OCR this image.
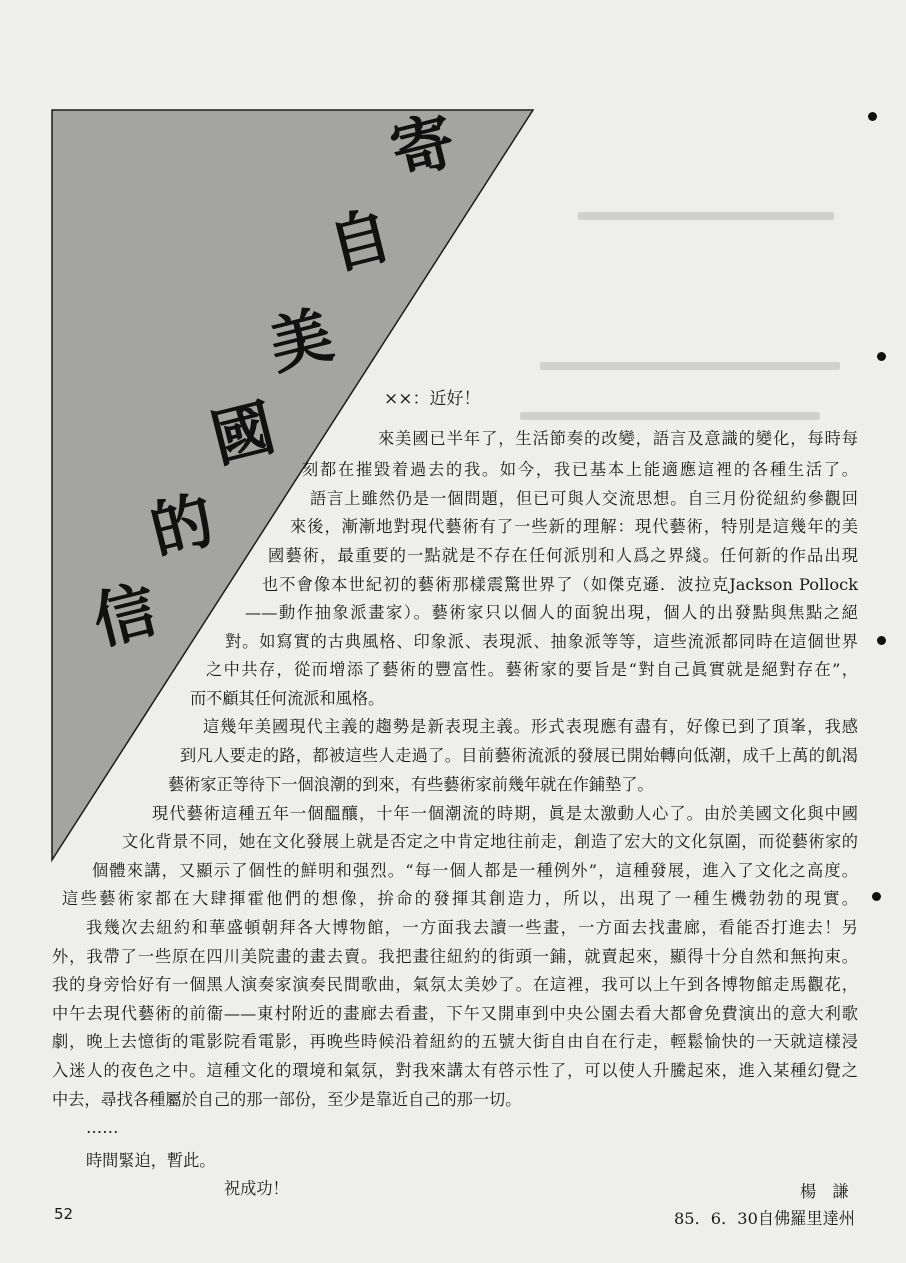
寄
自
美
國
的
信
××：近好！
來美國已半年了，生活節奏的改變，語言及意識的變化，每時每
刻都在摧毀着過去的我。如今，我已基本上能適應這裡的各種生活了。
語言上雖然仍是一個問題，但已可與人交流思想。自三月份從紐約參觀回
來後，漸漸地對現代藝術有了一些新的理解：現代藝術，特別是這幾年的美
國藝術，最重要的一點就是不存在任何派別和人爲之界綫。任何新的作品出現
也不會像本世紀初的藝術那樣震驚世界了（如傑克遜．波拉克Jackson Pollock
——動作抽象派畫家）。藝術家只以個人的面貌出現，個人的出發點與焦點之絕
對。如寫實的古典風格、印象派、表現派、抽象派等等，這些流派都同時在這個世界
之中共存，從而增添了藝術的豐富性。藝術家的要旨是“對自己眞實就是絕對存在”，
而不顧其任何流派和風格。
這幾年美國現代主義的趨勢是新表現主義。形式表現應有盡有，好像已到了頂峯，我感
到凡人要走的路，都被這些人走過了。目前藝術流派的發展已開始轉向低潮，成千上萬的飢渴
藝術家正等待下一個浪潮的到來，有些藝術家前幾年就在作鋪墊了。
現代藝術這種五年一個醞釀，十年一個潮流的時期，眞是太激動人心了。由於美國文化與中國
文化背景不同，她在文化發展上就是否定之中肯定地往前走，創造了宏大的文化氛圍，而從藝術家的
個體來講，又顯示了個性的鮮明和强烈。“每一個人都是一種例外”，這種發展，進入了文化之高度。
這些藝術家都在大肆揮霍他們的想像，拚命的發揮其創造力，所以，出現了一種生機勃勃的現實。
我幾次去紐約和華盛頓朝拜各大博物館，一方面我去讀一些畫，一方面去找畫廊，看能否打進去！另
外，我帶了一些原在四川美院畫的畫去賣。我把畫往紐約的街頭一鋪，就賣起來，顯得十分自然和無拘束。
我的身旁恰好有一個黑人演奏家演奏民間歌曲，氣氛太美妙了。在這裡，我可以上午到各博物館走馬觀花，
中午去現代藝術的前衞——東村附近的畫廊去看畫，下午又開車到中央公園去看大都會免費演出的意大利歌
劇，晚上去憶街的電影院看電影，再晚些時候沿着紐約的五號大街自由自在行走，輕鬆愉快的一天就這樣浸
入迷人的夜色之中。這種文化的環境和氣氛，對我來講太有啓示性了，可以使人升騰起來，進入某種幻覺之
中去，尋找各種屬於自己的那一部份，至少是靠近自己的那一切。
……
時間緊迫，暫此。
祝成功！	楊　謙
85．6．30自佛羅里達州
52
